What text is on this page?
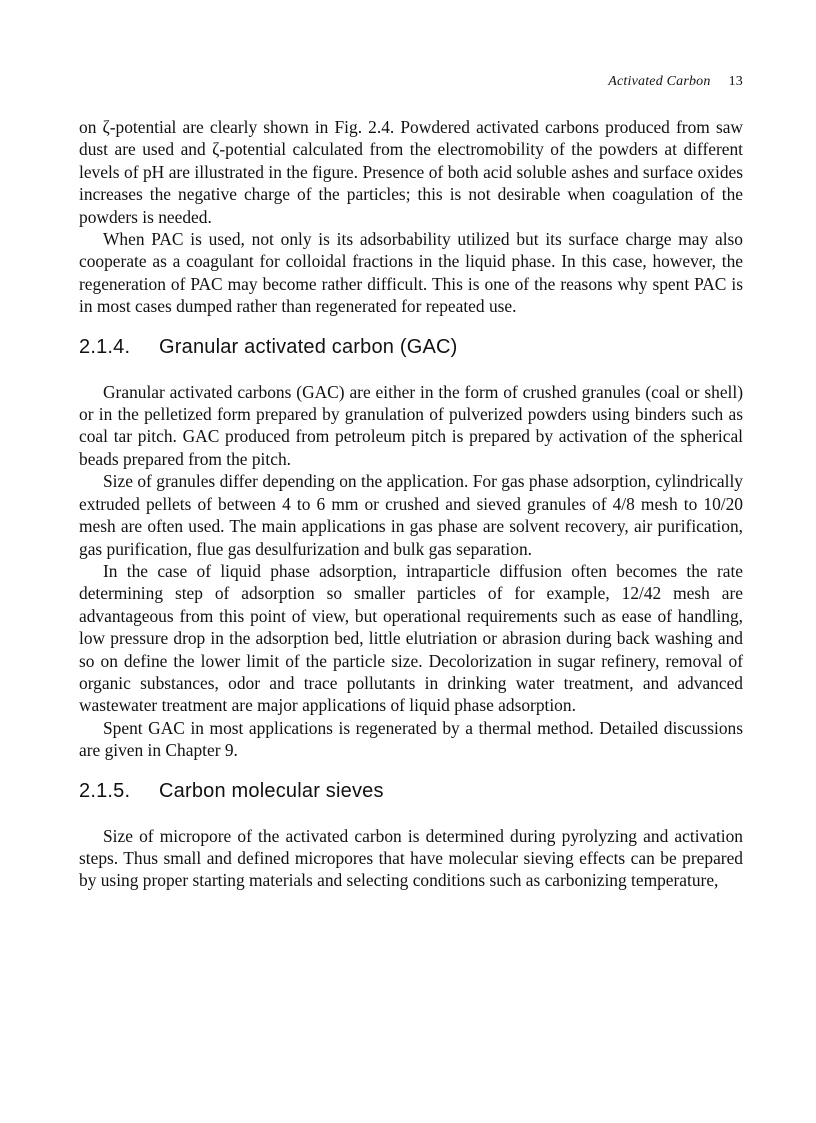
Activated Carbon 13

on ζ-potential are clearly shown in Fig. 2.4. Powdered activated carbons produced from saw dust are used and ζ-potential calculated from the electromobility of the powders at different levels of pH are illustrated in the figure. Presence of both acid soluble ashes and surface oxides increases the negative charge of the particles; this is not desirable when coagulation of the powders is needed.

When PAC is used, not only is its adsorbability utilized but its surface charge may also cooperate as a coagulant for colloidal fractions in the liquid phase. In this case, however, the regeneration of PAC may become rather difficult. This is one of the reasons why spent PAC is in most cases dumped rather than regenerated for repeated use.

2.1.4. Granular activated carbon (GAC)

Granular activated carbons (GAC) are either in the form of crushed granules (coal or shell) or in the pelletized form prepared by granulation of pulverized powders using binders such as coal tar pitch. GAC produced from petroleum pitch is prepared by activation of the spherical beads prepared from the pitch.

Size of granules differ depending on the application. For gas phase adsorption, cylindrically extruded pellets of between 4 to 6 mm or crushed and sieved granules of 4/8 mesh to 10/20 mesh are often used. The main applications in gas phase are solvent recovery, air purification, gas purification, flue gas desulfurization and bulk gas separation.

In the case of liquid phase adsorption, intraparticle diffusion often becomes the rate determining step of adsorption so smaller particles of for example, 12/42 mesh are advantageous from this point of view, but operational requirements such as ease of handling, low pressure drop in the adsorption bed, little elutriation or abrasion during back washing and so on define the lower limit of the particle size. Decolorization in sugar refinery, removal of organic substances, odor and trace pollutants in drinking water treatment, and advanced wastewater treatment are major applications of liquid phase adsorption.

Spent GAC in most applications is regenerated by a thermal method. Detailed discussions are given in Chapter 9.

2.1.5. Carbon molecular sieves

Size of micropore of the activated carbon is determined during pyrolyzing and activation steps. Thus small and defined micropores that have molecular sieving effects can be prepared by using proper starting materials and selecting conditions such as carbonizing temperature,
